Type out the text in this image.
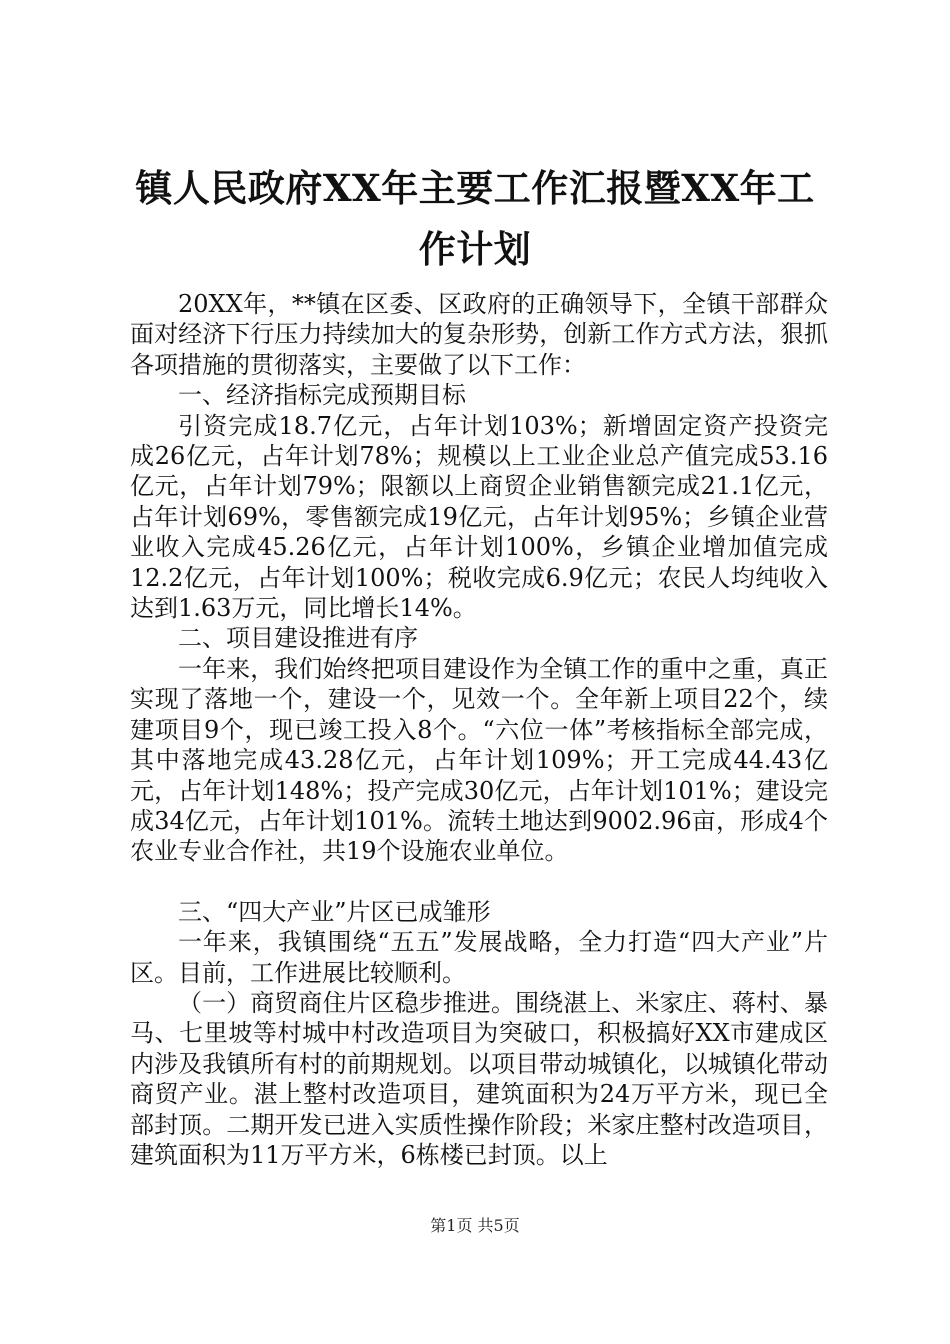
镇人民政府XX年主要工作汇报暨XX年工作计划

20XX年，**镇在区委、区政府的正确领导下，全镇干部群众面对经济下行压力持续加大的复杂形势，创新工作方式方法，狠抓各项措施的贯彻落实，主要做了以下工作：

一、经济指标完成预期目标

引资完成18.7亿元，占年计划103%；新增固定资产投资完成26亿元，占年计划78%；规模以上工业企业总产值完成53.16亿元，占年计划79%；限额以上商贸企业销售额完成21.1亿元，占年计划69%，零售额完成19亿元，占年计划95%；乡镇企业营业收入完成45.26亿元，占年计划100%，乡镇企业增加值完成12.2亿元，占年计划100%；税收完成6.9亿元；农民人均纯收入达到1.63万元，同比增长14%。

二、项目建设推进有序

一年来，我们始终把项目建设作为全镇工作的重中之重，真正实现了落地一个，建设一个，见效一个。全年新上项目22个，续建项目9个，现已竣工投入8个。“六位一体”考核指标全部完成，其中落地完成43.28亿元，占年计划109%；开工完成44.43亿元，占年计划148%；投产完成30亿元，占年计划101%；建设完成34亿元，占年计划101%。流转土地达到9002.96亩，形成4个农业专业合作社，共19个设施农业单位。

三、“四大产业”片区已成雏形

一年来，我镇围绕“五五”发展战略，全力打造“四大产业”片区。目前，工作进展比较顺利。

（一）商贸商住片区稳步推进。围绕湛上、米家庄、蒋村、暴马、七里坡等村城中村改造项目为突破口，积极搞好XX市建成区内涉及我镇所有村的前期规划。以项目带动城镇化，以城镇化带动商贸产业。湛上整村改造项目，建筑面积为24万平方米，现已全部封顶。二期开发已进入实质性操作阶段；米家庄整村改造项目，建筑面积为11万平方米，6栋楼已封顶。以上

第1页 共5页
